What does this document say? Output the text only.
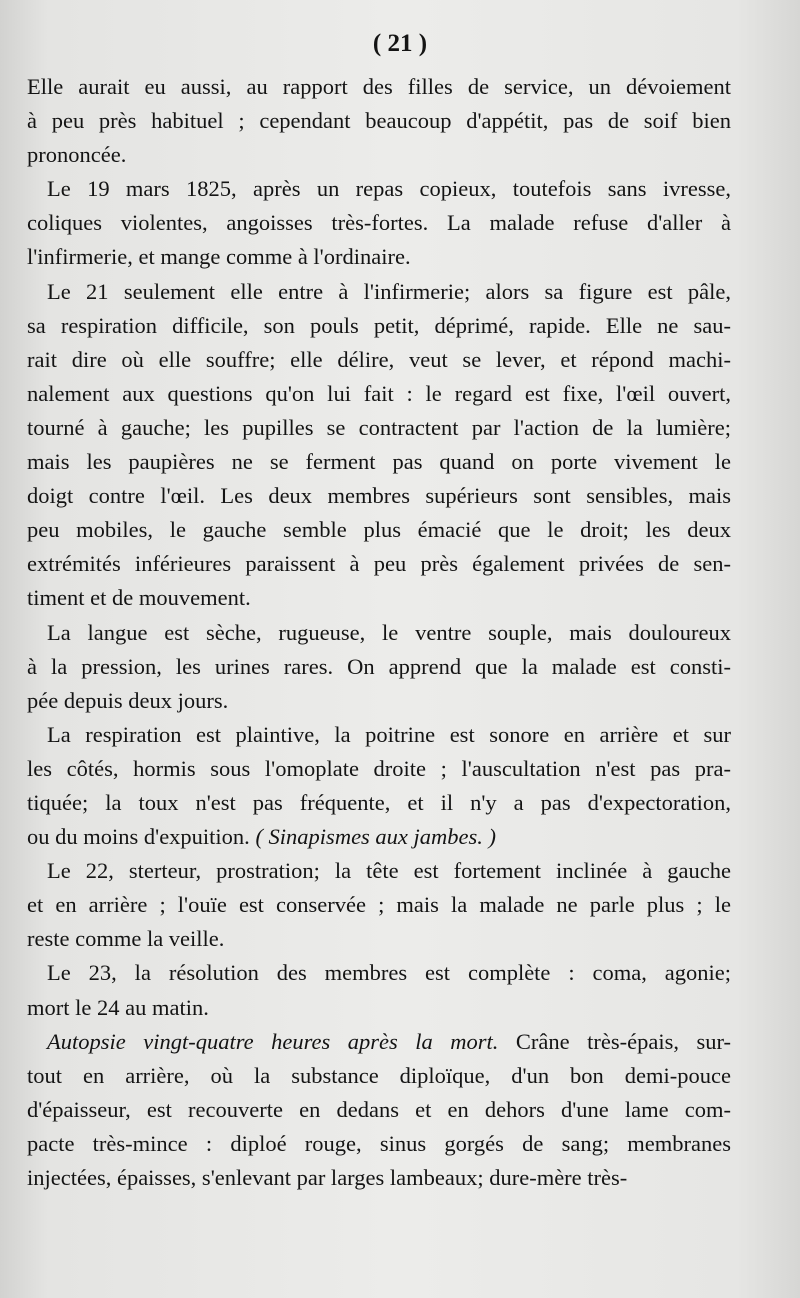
( 21 )
Elle aurait eu aussi, au rapport des filles de service, un dévoiement
à peu près habituel ; cependant beaucoup d'appétit, pas de soif bien
prononcée.
Le 19 mars 1825, après un repas copieux, toutefois sans ivresse,
coliques violentes, angoisses très-fortes. La malade refuse d'aller à
l'infirmerie, et mange comme à l'ordinaire.
Le 21 seulement elle entre à l'infirmerie; alors sa figure est pâle,
sa respiration difficile, son pouls petit, déprimé, rapide. Elle ne sau-
rait dire où elle souffre; elle délire, veut se lever, et répond machi-
nalement aux questions qu'on lui fait : le regard est fixe, l'œil ouvert,
tourné à gauche; les pupilles se contractent par l'action de la lumière;
mais les paupières ne se ferment pas quand on porte vivement le
doigt contre l'œil. Les deux membres supérieurs sont sensibles, mais
peu mobiles, le gauche semble plus émacié que le droit; les deux
extrémités inférieures paraissent à peu près également privées de sen-
timent et de mouvement.
La langue est sèche, rugueuse, le ventre souple, mais douloureux
à la pression, les urines rares. On apprend que la malade est consti-
pée depuis deux jours.
La respiration est plaintive, la poitrine est sonore en arrière et sur
les côtés, hormis sous l'omoplate droite ; l'auscultation n'est pas pra-
tiquée; la toux n'est pas fréquente, et il n'y a pas d'expectoration,
ou du moins d'expuition. ( Sinapismes aux jambes. )
Le 22, sterteur, prostration; la tête est fortement inclinée à gauche
et en arrière ; l'ouïe est conservée ; mais la malade ne parle plus ; le
reste comme la veille.
Le 23, la résolution des membres est complète : coma, agonie;
mort le 24 au matin.
Autopsie vingt-quatre heures après la mort. Crâne très-épais, sur-
tout en arrière, où la substance diploïque, d'un bon demi-pouce
d'épaisseur, est recouverte en dedans et en dehors d'une lame com-
pacte très-mince : diploé rouge, sinus gorgés de sang; membranes
injectées, épaisses, s'enlevant par larges lambeaux; dure-mère très-
